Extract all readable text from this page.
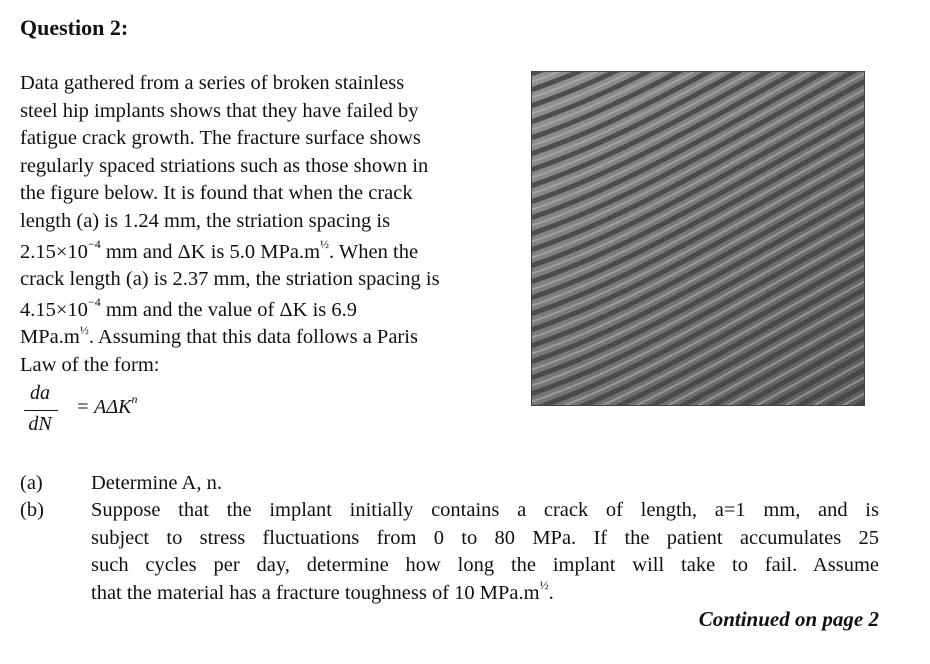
Question 2:
Data gathered from a series of broken stainless
steel hip implants shows that they have failed by
fatigue crack growth. The fracture surface shows
regularly spaced striations such as those shown in
the figure below. It is found that when the crack
length (a) is 1.24 mm, the striation spacing is
$2.15\times 10^{-4}$ mm and ΔK is 5.0 $MPa.m^{\frac{1}{2}}$. When the
crack length (a) is 2.37 mm, the striation spacing is
$4.15\times 10^{-4}$ mm and the value of ΔK is 6.9
$MPa.m^{\frac{1}{2}}$. Assuming that this data follows a Paris
Law of the form:
da
dN
= $A\Delta K^n$
(a)	Determine A, n.
(b)	Suppose that the implant initially contains a crack of length, a=1 mm, and is
subject to stress fluctuations from 0 to 80 MPa. If the patient accumulates 25
such cycles per day, determine how long the implant will take to fail. Assume
that the material has a fracture toughness of 10 $MPa.m^{\frac{1}{2}}$.
Continued on page 2
